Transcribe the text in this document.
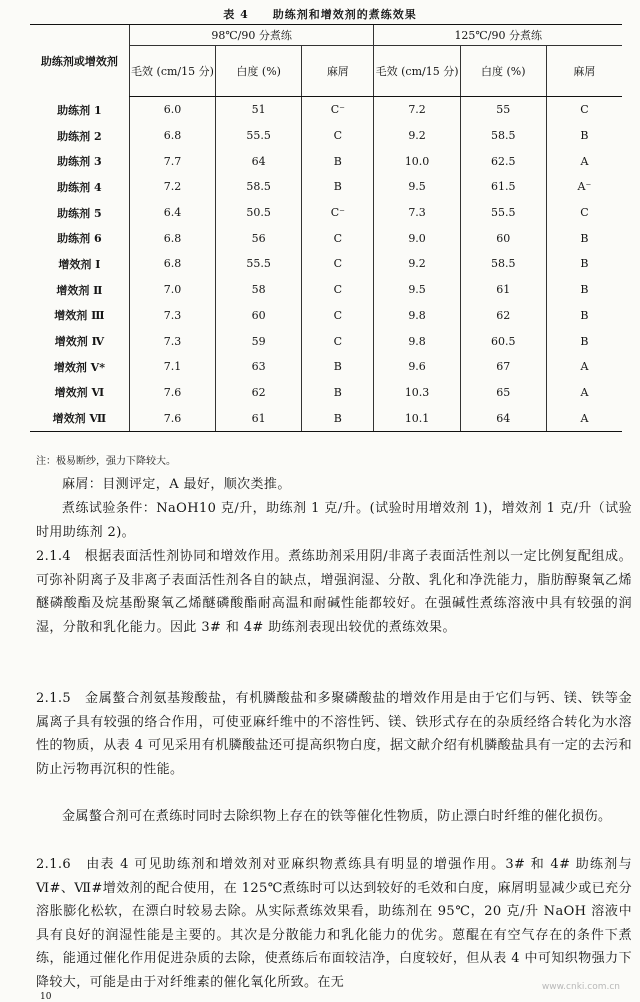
表 4　　助练剂和增效剂的煮练效果
助练剂或增效剂	98℃/90 分煮练			125℃/90 分煮练		
	毛效 (cm/15 分)	白度 (%)	麻屑	毛效 (cm/15 分)	白度 (%)	麻屑
助练剂 1	6.0	51	C⁻	7.2	55	C
助练剂 2	6.8	55.5	C	9.2	58.5	B
助练剂 3	7.7	64	B	10.0	62.5	A
助练剂 4	7.2	58.5	B	9.5	61.5	A⁻
助练剂 5	6.4	50.5	C⁻	7.3	55.5	C
助练剂 6	6.8	56	C	9.0	60	B
增效剂 Ⅰ	6.8	55.5	C	9.2	58.5	B
增效剂 Ⅱ	7.0	58	C	9.5	61	B
增效剂 Ⅲ	7.3	60	C	9.8	62	B
增效剂 Ⅳ	7.3	59	C	9.8	60.5	B
增效剂 Ⅴ*	7.1	63	B	9.6	67	A
增效剂 Ⅵ	7.6	62	B	10.3	65	A
增效剂 Ⅶ	7.6	61	B	10.1	64	A
注：极易断纱，强力下降较大。
麻屑：目测评定，A 最好，顺次类推。
煮练试验条件：NaOH10 克/升，助练剂 1 克/升。(试验时用增效剂 1)，增效剂 1 克/升（试验时用助练剂 2)。
2.1.4　根据表面活性剂协同和增效作用。煮练助剂采用阴/非离子表面活性剂以一定比例复配组成。可弥补阴离子及非离子表面活性剂各自的缺点，增强润湿、分散、乳化和净洗能力，脂肪醇聚氧乙烯醚磷酸酯及烷基酚聚氧乙烯醚磷酸酯耐高温和耐碱性能都较好。在强碱性煮练溶液中具有较强的润湿，分散和乳化能力。因此 3# 和 4# 助练剂表现出较优的煮练效果。
2.1.5　金属螯合剂氨基羧酸盐，有机膦酸盐和多聚磷酸盐的增效作用是由于它们与钙、镁、铁等金属离子具有较强的络合作用，可使亚麻纤维中的不溶性钙、镁、铁形式存在的杂质经络合转化为水溶性的物质，从表 4 可见采用有机膦酸盐还可提高织物白度，据文献介绍有机膦酸盐具有一定的去污和防止污物再沉积的性能。
金属螯合剂可在煮练时同时去除织物上存在的铁等催化性物质，防止漂白时纤维的催化损伤。
2.1.6　由表 4 可见助练剂和增效剂对亚麻织物煮练具有明显的增强作用。3# 和 4# 助练剂与Ⅵ#、Ⅶ#增效剂的配合使用，在 125℃煮练时可以达到较好的毛效和白度，麻屑明显减少或已充分溶胀膨化松软，在漂白时较易去除。从实际煮练效果看，助练剂在 95℃，20 克/升 NaOH 溶液中具有良好的润湿性能是主要的。其次是分散能力和乳化能力的优劣。蒽醌在有空气存在的条件下煮练，能通过催化作用促进杂质的去除，使煮练后布面较洁净，白度较好，但从表 4 中可知织物强力下降较大，可能是由于对纤维素的催化氧化所致。在无
10
www.cnki.com.cn
